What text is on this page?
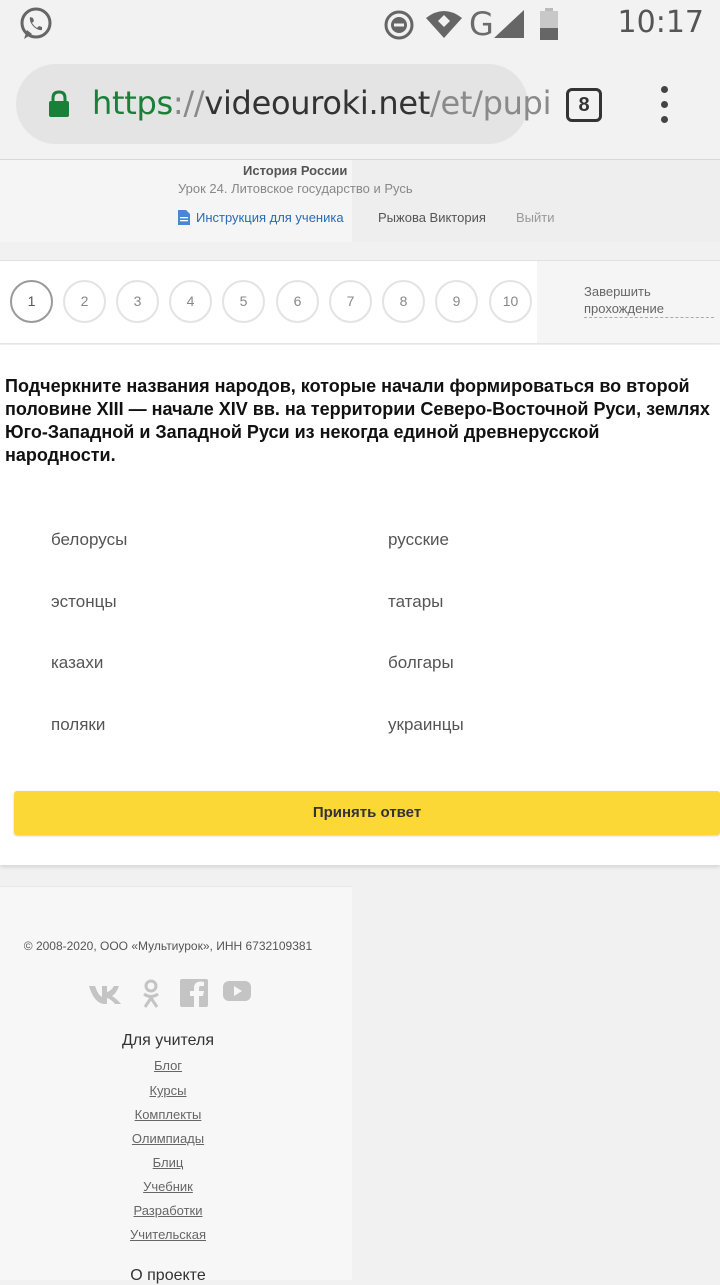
G	10:17
https://videouroki.net/et/pupi	8
История России
Урок 24. Литовское государство и Русь
Инструкция для ученика	Рыжова Виктория Выйти
1	2	3	4	5	6	7	8	9	10
Завершить прохождение
Подчеркните названия народов, которые начали формироваться во второй половине XIII — начале XIV вв. на территории Северо-Восточной Руси, землях Юго-Западной и Западной Руси из некогда единой древнерусской народности.
белорусы	русские
эстонцы	татары
казахи	болгары
поляки	украинцы
Принять ответ
© 2008-2020, ООО «Мультиурок», ИНН 6732109381
Для учителя
Блог
Курсы
Комплекты
Олимпиады
Блиц
Учебник
Разработки
Учительская
О проекте
